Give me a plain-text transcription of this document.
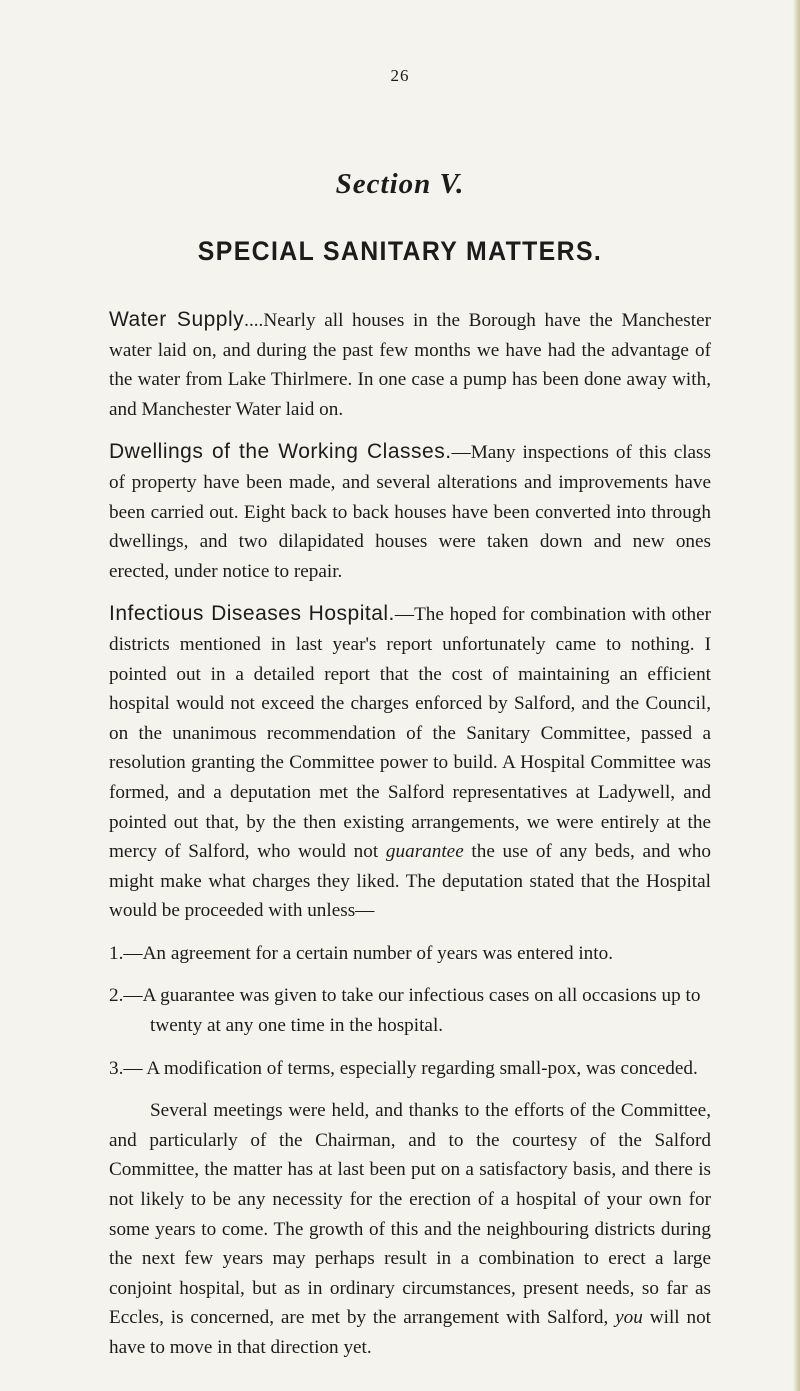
26
Section V.
SPECIAL SANITARY MATTERS.

Water Supply....Nearly all houses in the Borough have the Manchester water laid on, and during the past few months we have had the advantage of the water from Lake Thirlmere. In one case a pump has been done away with, and Manchester Water laid on.

Dwellings of the Working Classes.—Many inspections of this class of property have been made, and several alterations and improvements have been carried out. Eight back to back houses have been converted into through dwellings, and two dilapidated houses were taken down and new ones erected, under notice to repair.

Infectious Diseases Hospital.—The hoped for combination with other districts mentioned in last year's report unfortunately came to nothing. I pointed out in a detailed report that the cost of maintaining an efficient hospital would not exceed the charges enforced by Salford, and the Council, on the unanimous recommendation of the Sanitary Committee, passed a resolution granting the Committee power to build. A Hospital Committee was formed, and a deputation met the Salford representatives at Ladywell, and pointed out that, by the then existing arrangements, we were entirely at the mercy of Salford, who would not guarantee the use of any beds, and who might make what charges they liked. The deputation stated that the Hospital would be proceeded with unless—

1.—An agreement for a certain number of years was entered into.
2.—A guarantee was given to take our infectious cases on all occasions up to twenty at any one time in the hospital.
3.— A modification of terms, especially regarding small-pox, was conceded.

Several meetings were held, and thanks to the efforts of the Committee, and particularly of the Chairman, and to the courtesy of the Salford Committee, the matter has at last been put on a satisfactory basis, and there is not likely to be any necessity for the erection of a hospital of your own for some years to come. The growth of this and the neighbouring districts during the next few years may perhaps result in a combination to erect a large conjoint hospital, but as in ordinary circumstances, present needs, so far as Eccles, is concerned, are met by the arrangement with Salford, you will not have to move in that direction yet.
